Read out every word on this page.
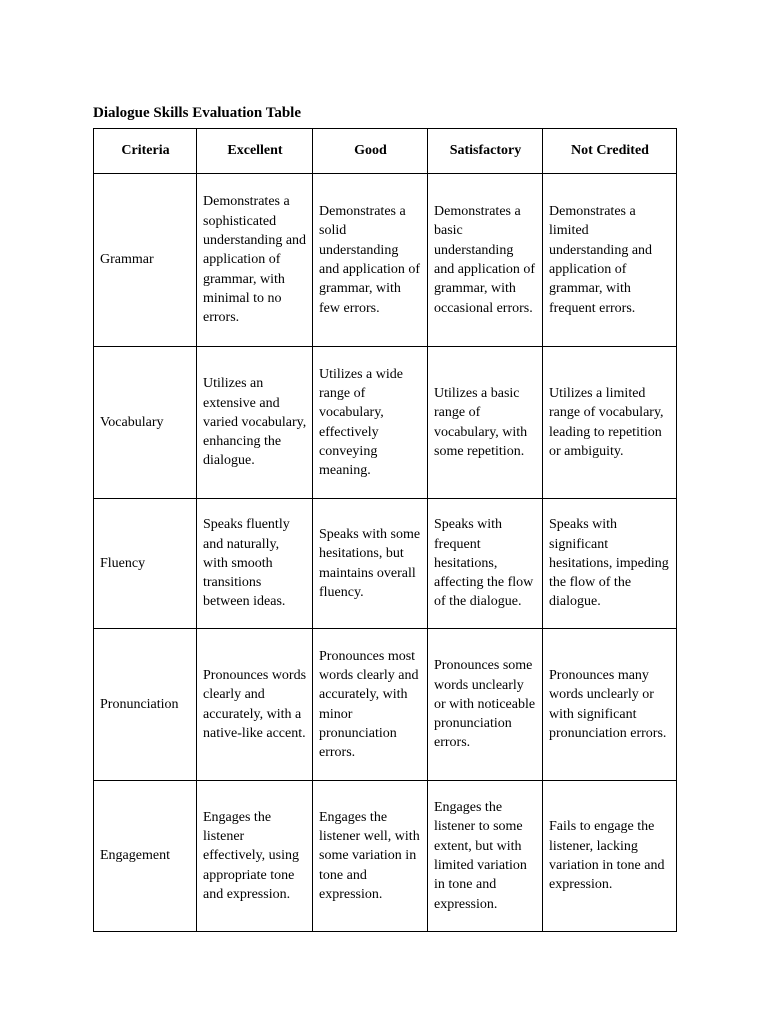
Dialogue Skills Evaluation Table
Criteria	Excellent	Good	Satisfactory	Not Credited
Grammar	Demonstrates a sophisticated understanding and application of grammar, with minimal to no errors.	Demonstrates a solid understanding and application of grammar, with few errors.	Demonstrates a basic understanding and application of grammar, with occasional errors.	Demonstrates a limited understanding and application of grammar, with frequent errors.
Vocabulary	Utilizes an extensive and varied vocabulary, enhancing the dialogue.	Utilizes a wide range of vocabulary, effectively conveying meaning.	Utilizes a basic range of vocabulary, with some repetition.	Utilizes a limited range of vocabulary, leading to repetition or ambiguity.
Fluency	Speaks fluently and naturally, with smooth transitions between ideas.	Speaks with some hesitations, but maintains overall fluency.	Speaks with frequent hesitations, affecting the flow of the dialogue.	Speaks with significant hesitations, impeding the flow of the dialogue.
Pronunciation	Pronounces words clearly and accurately, with a native-like accent.	Pronounces most words clearly and accurately, with minor pronunciation errors.	Pronounces some words unclearly or with noticeable pronunciation errors.	Pronounces many words unclearly or with significant pronunciation errors.
Engagement	Engages the listener effectively, using appropriate tone and expression.	Engages the listener well, with some variation in tone and expression.	Engages the listener to some extent, but with limited variation in tone and expression.	Fails to engage the listener, lacking variation in tone and expression.
